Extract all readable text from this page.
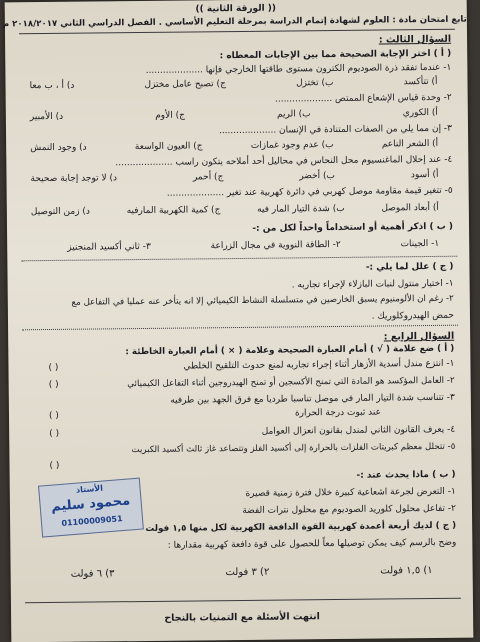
(( الورقة الثانية ))
تابع امتحان مادة : العلوم لشهادة إتمام الدراسة بمرحلة التعليم الأساسي . الفصل الدراسي الثاني ٢٠١٨/٢٠١٧ م
السؤال الثالث :
( أ ) اختر الإجابة الصحيحة مما بين الإجابات المعطاه :
١- عندما تفقد ذرة الصوديوم الكترون مستوى طاقتها الخارجي فإنها ....................
أ) تتأكسد
ب) تختزل
ج) تصبح عامل مختزل
د) أ ، ب معا
٢- وحدة قياس الإشعاع الممتص ....................
أ) الكوري
ب) الريم
ج) الأوم
د) الأمبير
٣- إن مما يلي من الصفات المتنادة في الإنسان ....................
أ) الشعر الناعم
ب) عدم وجود غمازات
ج) العيون الواسعة
د) وجود النمش
٤- عند إحلال الماغنسيوم محل النحاس في محاليل أحد أملاحه يتكون راسب ....................
أ) أسود
ب) أخضر
ج) أحمر
د) لا توجد إجابة صحيحة
٥- تتغير قيمة مقاومة موصل كهربي في دائرة كهربية عند تغير ....................
أ) أبعاد الموصل
ب) شدة التيار المار فيه
ج) كمية الكهربية المارفيه
د) زمن التوصيل
( ب ) اذكر أهمية أو استخداماً واحداً لكل من :-
١- الجينات
٢- الطاقة النووية في مجال الزراعة
٣- ثاني أكسيد المنجنيز
( ج ) علل لما يلي :-
١- اختيار منتول لنبات البازلاء لإجراء تجاربه .
٢- رغم ان الألومنيوم يسبق الخارصين في متسلسلة النشاط الكيميائي إلا انه يتأخر عنه عمليا في التفاعل مع
حمض الهيدروكلوريك .
السؤال الرابع :
( أ ) ضع علامة ( √ ) أمام العبارة الصحيحة وعلامة ( × ) أمام العبارة الخاطئة :
١- انتزع مندل أسدية الأزهار أثناء إجراء تجاربه لمنع حدوث التلقيح الخلطي
( )
٢- العامل المؤكسد هو المادة التي تمنح الأكسجين أو تمنح الهيدروجين أثناء التفاعل الكيميائي
( )
٣- تتناسب شدة التيار المار في موصل تناسبا طرديا مع فرق الجهد بين طرفيه
عند ثبوت درجة الحرارة
( )
٤- يعرف القانون الثاني لمندل بقانون انعزال العوامل
( )
٥- تتحلل معظم كبريتات الفلزات بالحرارة إلى أكسيد الفلز وتتصاعد غاز ثالث أكسيد الكبريت
( )
( ب ) ماذا يحدث عند :-
١- التعرض لجرعة اشعاعية كبيرة خلال فترة زمنية قصيرة
٢- تفاعل محلول كلوريد الصوديوم مع محلول نترات الفضة
الأستاذ
محمود سليم
01100009051
( ج ) لديك أربعة أعمدة كهربية القوة الدافعة الكهربية لكل منها ١,٥ فولت
وضح بالرسم كيف يمكن توصيلها معاً للحصول على قوة دافعة كهربية مقدارها :
١) ١,٥ فولت
٢) ٣ فولت
٣) ٦ فولت
انتهت الأسئلة مع التمنيات بالنجاح
